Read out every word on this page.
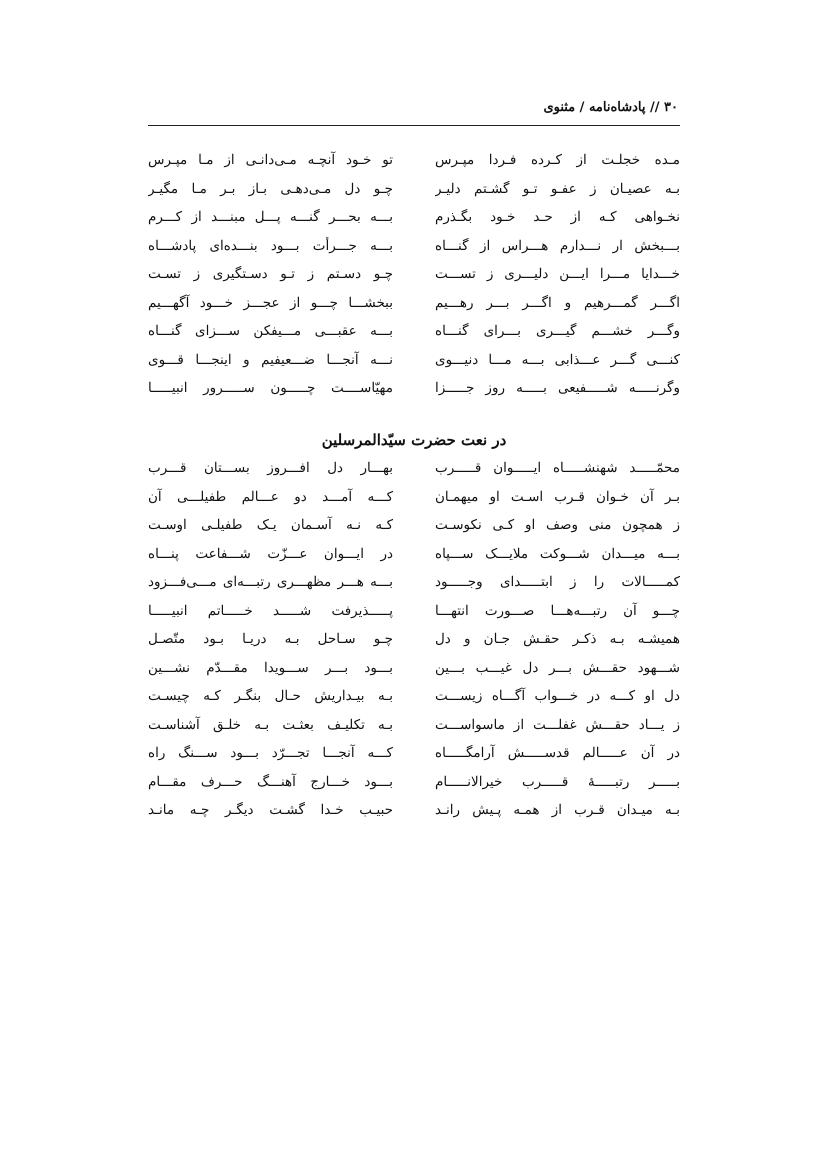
۳۰ // پادشاه‌نامه / مثنوی
مـده خجلـت از کـرده فـردا مپـرس
تو خـود آنچـه مـی‌دانـی از مـا مپـرس
بـه عصیـان ز عفـو تـو گشـتم دلیـر
چـو دل مـی‌دهـی بـاز بـر مـا مگیـر
نخـواهی کـه از حـد خـود بگـذرم
بـــه بحـــر گنـــه پـــل مبنـــد از کـــرم
بـــبخش ار نـــدارم هـــراس از گنـــاه
بـــه جـــرأت بـــود بنـــده‌ای پادشـــاه
خـــدایا مـــرا ایـــن دلیـــری ز تســـت
چـو دسـتم ز تـو دسـتگیری ز تسـت
اگـــر گمـــرهیم و اگـــر بـــر رهـــیم
ببخشـــا چـــو از عجـــز خـــود آگهـــیم
وگـــر خشـــم گیـــری بـــرای گنـــاه
بـــه عقبـــی مـــیفکن ســـزای گنـــاه
کنـــی گـــر عـــذابی بـــه مـــا دنیـــوی
نـــه آنجـــا ضـــعیفیم و اینجـــا قـــوی
وگرنـــــه شـــــفیعی بـــــه روز جـــــزا
مهیّاســــت چـــــون ســـــرور انبیـــــا
در نعت حضرت سیّدالمرسلین
محمّـــــد شهنشـــــاه ایـــــوان قـــــرب
بهـــار دل افـــروز بســـتان قـــرب
بـر آن خـوان قـرب اسـت او میهمـان
کـــه آمـــد دو عـــالم طفیلـــی آن
ز همچون منی وصف او کـی نکوسـت
کـه نـه آسـمان یـک طفیلـی اوسـت
بـــه میـــدان شـــوکت ملایـــک ســـپاه
در ایـــوان عـــزّت شـــفاعت پنـــاه
کمـــــالات را ز ابتـــــدای وجـــــود
بـــه هـــر مظهـــری رتبـــه‌ای مـــی‌فـــزود
چـــو آن رتبـــه‌هـــا صـــورت انتهـــا
پـــــذیرفت شـــــد خـــــاتم انبیـــــا
همیشـه بـه ذکـر حقـش جـان و دل
چـو سـاحل بـه دریـا بـود متّصـل
شـــهود حقـــش بـــر دل غیـــب بـــین
بـــود بـــر ســـویدا مقـــدّم نشـــین
دل او کـــه در خـــواب آگـــاه زیســـت
بـه بیـداریش حـال بنگـر کـه چیسـت
ز یـــاد حقـــش غفلـــت از ماسواســـت
بـه تکلیـف بعثـت بـه خلـق آشناسـت
در آن عـــــالم قدســـــش آرامگـــــاه
کـــه آنجـــا تجـــرّد بـــود ســـنگ راه
بـــــر رتبـــــهٔ قـــــرب خیرالانـــــام
بـــود خـــارج آهنـــگ حـــرف مقـــام
بـه میـدان قـرب از همـه پـیش رانـد
حبیـب خـدا گشـت دیگـر چـه مانـد
